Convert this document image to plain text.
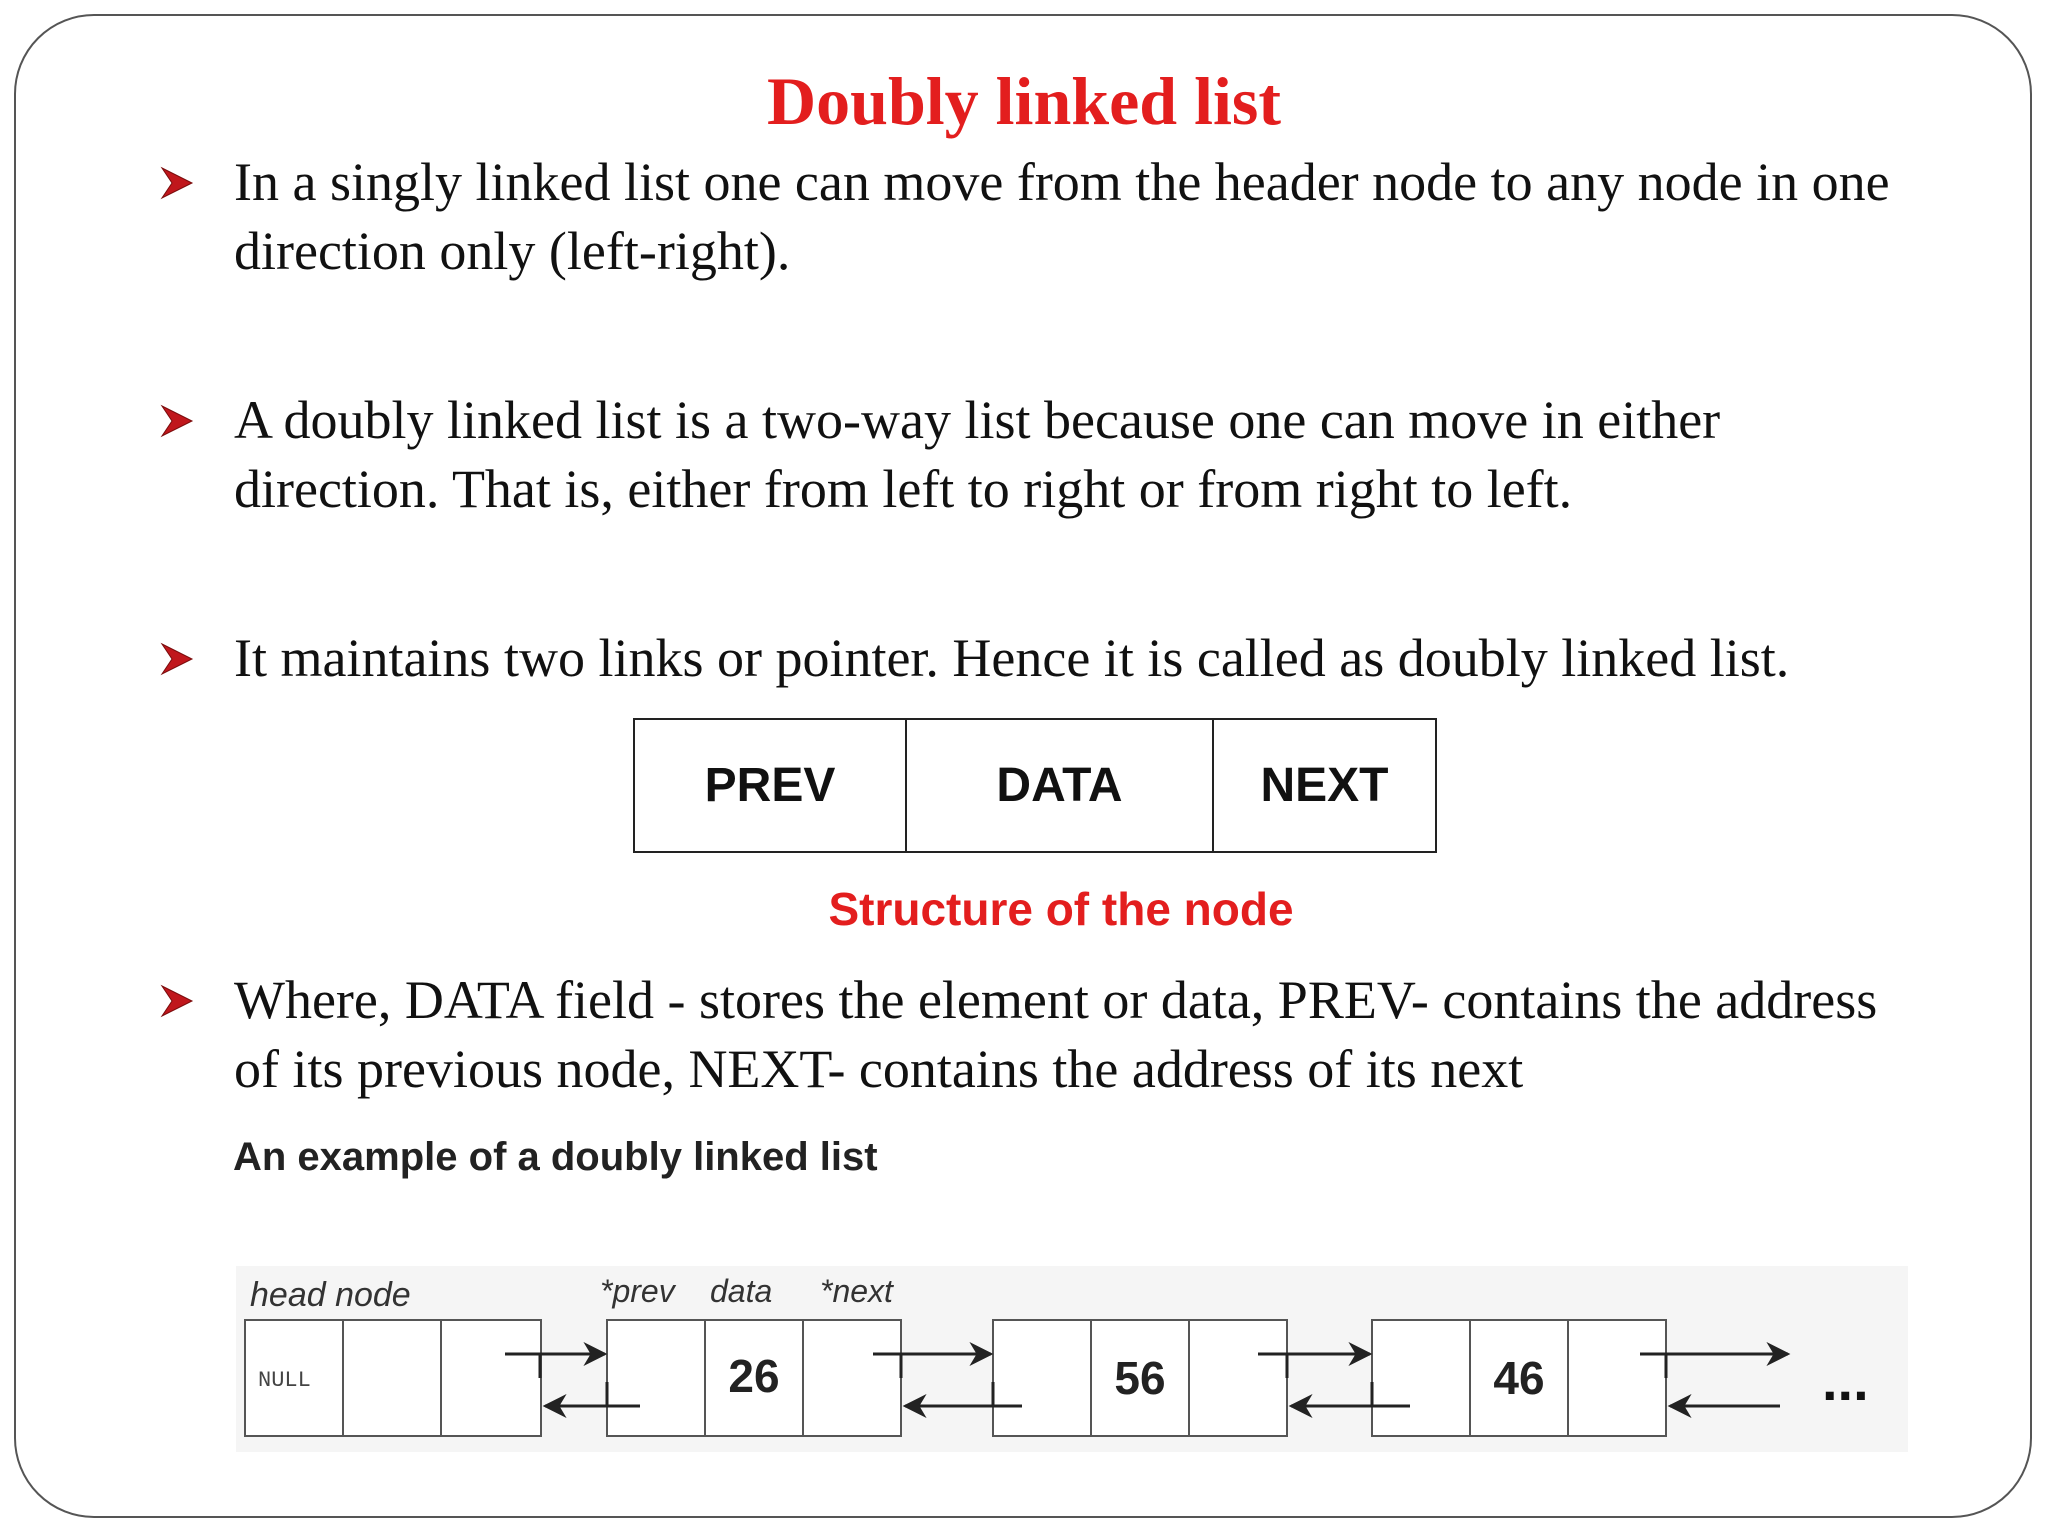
Doubly linked list
In a singly linked list one can move from the header node to any node in one direction only (left-right).
A doubly linked list is a two-way list because one can move in either direction. That is, either from left to right or from right to left.
It maintains two links or pointer. Hence it is called as doubly linked list.
PREV	DATA	NEXT
Structure of the node
Where, DATA field - stores the element or data, PREV- contains the address of its previous node, NEXT- contains the address of its next
An example of a doubly linked list
head node	*prev data *next
NULL	26	56	46	...
